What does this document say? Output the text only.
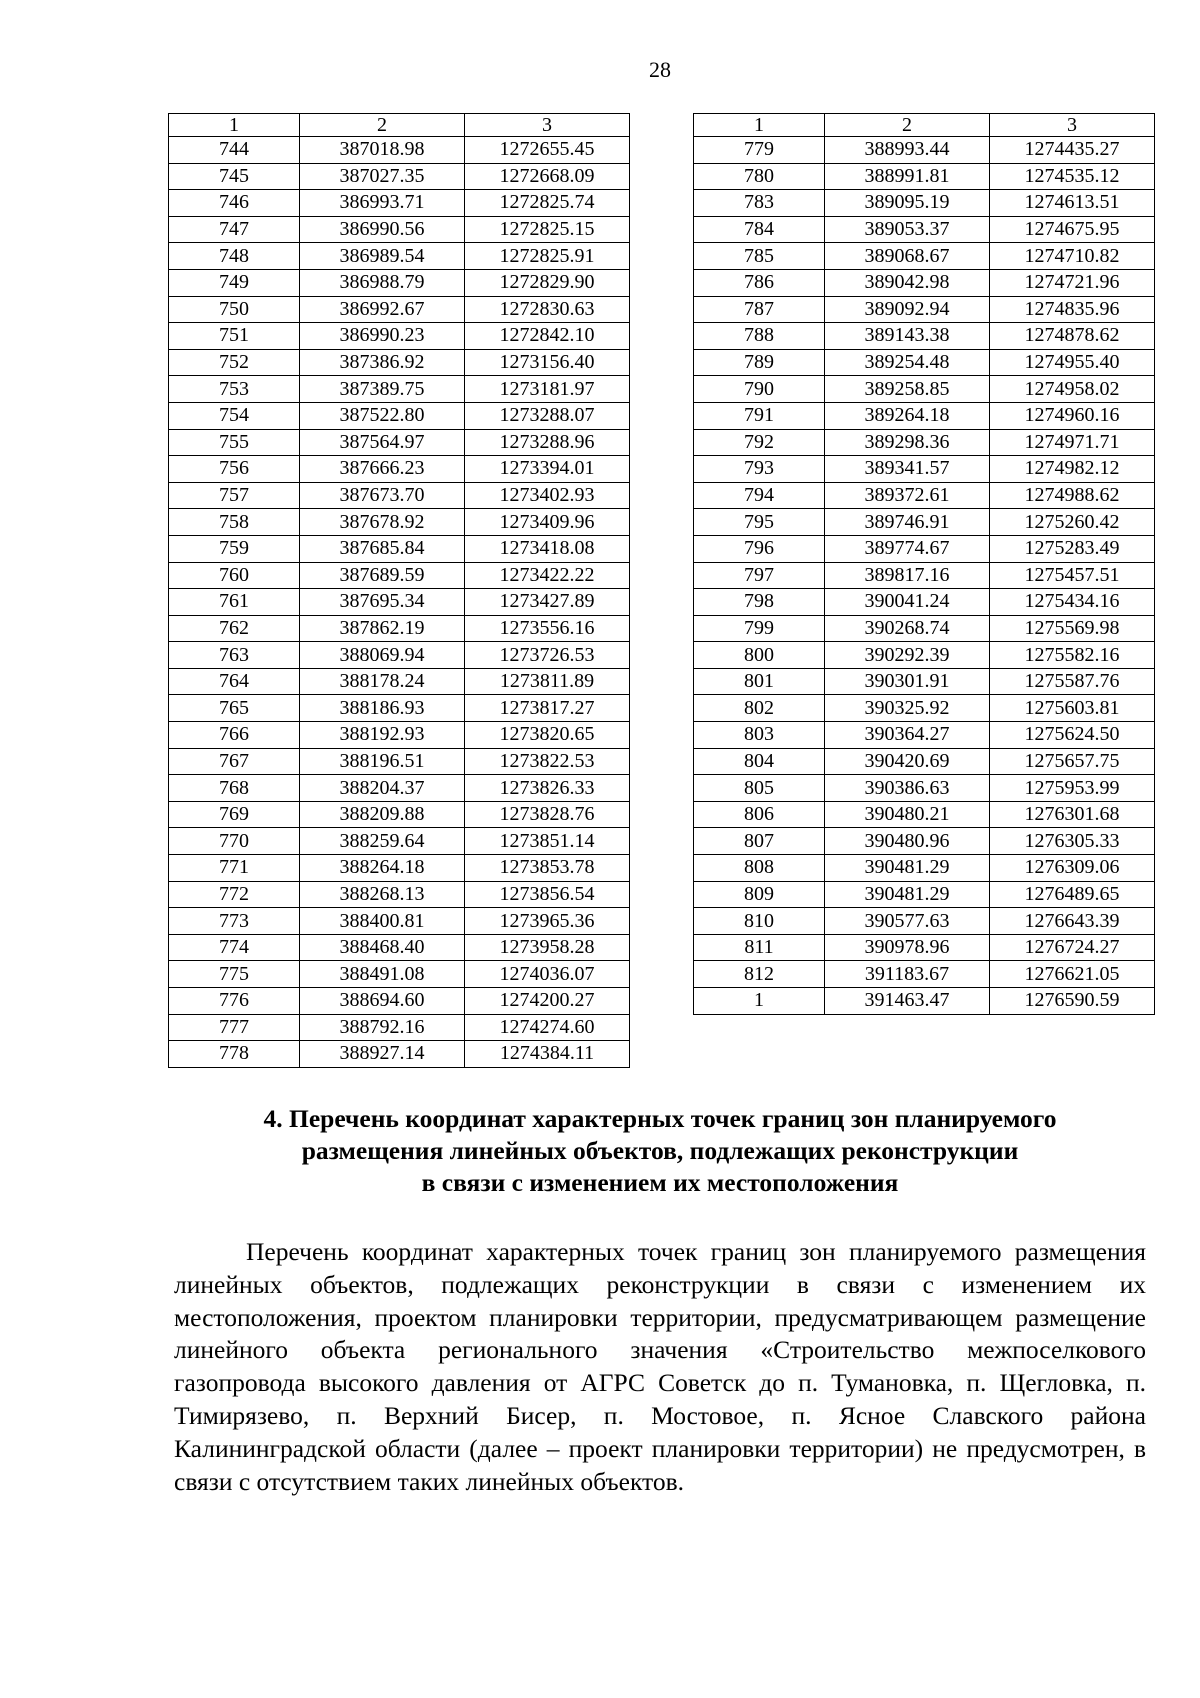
28
1	2	3
744	387018.98	1272655.45
745	387027.35	1272668.09
746	386993.71	1272825.74
747	386990.56	1272825.15
748	386989.54	1272825.91
749	386988.79	1272829.90
750	386992.67	1272830.63
751	386990.23	1272842.10
752	387386.92	1273156.40
753	387389.75	1273181.97
754	387522.80	1273288.07
755	387564.97	1273288.96
756	387666.23	1273394.01
757	387673.70	1273402.93
758	387678.92	1273409.96
759	387685.84	1273418.08
760	387689.59	1273422.22
761	387695.34	1273427.89
762	387862.19	1273556.16
763	388069.94	1273726.53
764	388178.24	1273811.89
765	388186.93	1273817.27
766	388192.93	1273820.65
767	388196.51	1273822.53
768	388204.37	1273826.33
769	388209.88	1273828.76
770	388259.64	1273851.14
771	388264.18	1273853.78
772	388268.13	1273856.54
773	388400.81	1273965.36
774	388468.40	1273958.28
775	388491.08	1274036.07
776	388694.60	1274200.27
777	388792.16	1274274.60
778	388927.14	1274384.11
1	2	3
779	388993.44	1274435.27
780	388991.81	1274535.12
783	389095.19	1274613.51
784	389053.37	1274675.95
785	389068.67	1274710.82
786	389042.98	1274721.96
787	389092.94	1274835.96
788	389143.38	1274878.62
789	389254.48	1274955.40
790	389258.85	1274958.02
791	389264.18	1274960.16
792	389298.36	1274971.71
793	389341.57	1274982.12
794	389372.61	1274988.62
795	389746.91	1275260.42
796	389774.67	1275283.49
797	389817.16	1275457.51
798	390041.24	1275434.16
799	390268.74	1275569.98
800	390292.39	1275582.16
801	390301.91	1275587.76
802	390325.92	1275603.81
803	390364.27	1275624.50
804	390420.69	1275657.75
805	390386.63	1275953.99
806	390480.21	1276301.68
807	390480.96	1276305.33
808	390481.29	1276309.06
809	390481.29	1276489.65
810	390577.63	1276643.39
811	390978.96	1276724.27
812	391183.67	1276621.05
1	391463.47	1276590.59
4. Перечень координат характерных точек границ зон планируемого
размещения линейных объектов, подлежащих реконструкции
в связи с изменением их местоположения

Перечень координат характерных точек границ зон планируемого размещения линейных объектов, подлежащих реконструкции в связи с изменением их местоположения, проектом планировки территории, предусматривающем размещение линейного объекта регионального значения «Строительство межпоселкового газопровода высокого давления от АГРС Советск до п. Тумановка, п. Щегловка, п. Тимирязево, п. Верхний Бисер, п. Мостовое, п. Ясное Славского района Калининградской области (далее – проект планировки территории) не предусмотрен, в связи с отсутствием таких линейных объектов.
